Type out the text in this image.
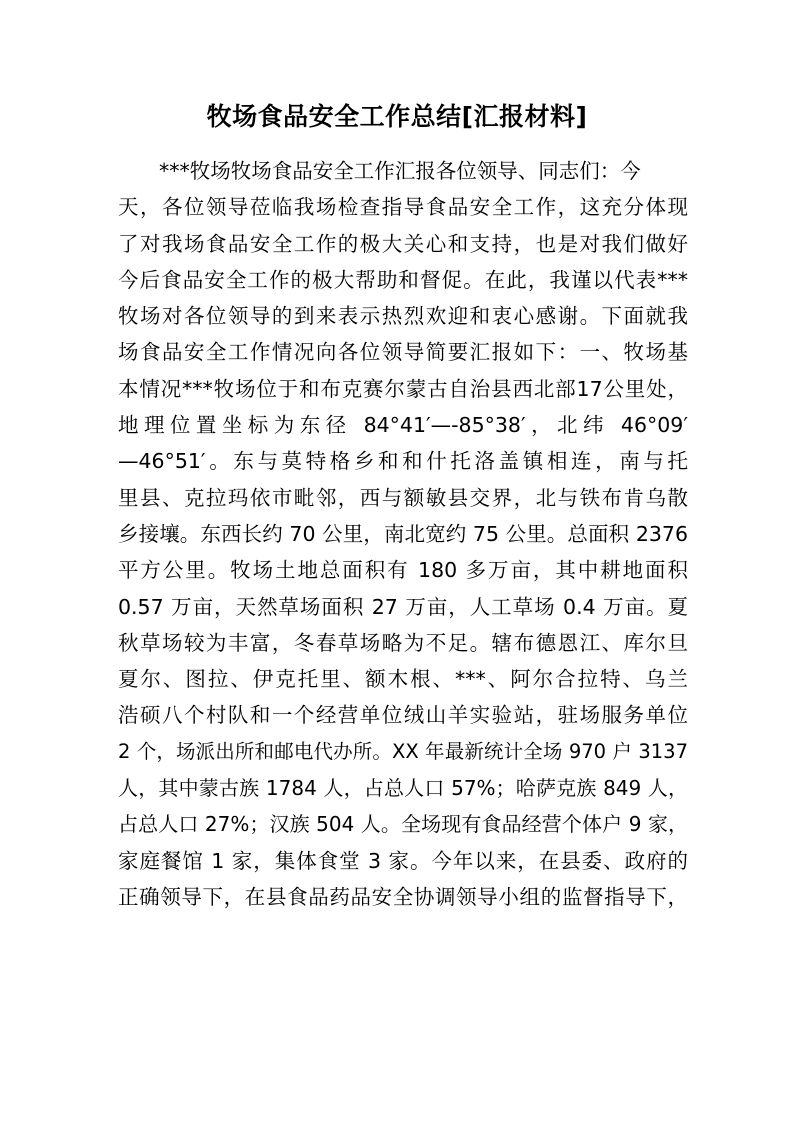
牧场食品安全工作总结[汇报材料]
***牧场牧场食品安全工作汇报各位领导、同志们：今
天，各位领导莅临我场检查指导食品安全工作，这充分体现
了对我场食品安全工作的极大关心和支持，也是对我们做好
今后食品安全工作的极大帮助和督促。在此，我谨以代表***
牧场对各位领导的到来表示热烈欢迎和衷心感谢。下面就我
场食品安全工作情况向各位领导简要汇报如下：一、牧场基
本情况***牧场位于和布克赛尔蒙古自治县西北部17公里处，
地理位置坐标为东径 84°41′—-85°38′，北纬 46°09′
—46°51′。东与莫特格乡和和什托洛盖镇相连，南与托
里县、克拉玛依市毗邻，西与额敏县交界，北与铁布肯乌散
乡接壤。东西长约 70 公里，南北宽约 75 公里。总面积 2376
平方公里。牧场土地总面积有 180 多万亩，其中耕地面积
0.57 万亩，天然草场面积 27 万亩，人工草场 0.4 万亩。夏
秋草场较为丰富，冬春草场略为不足。辖布德恩江、库尔旦
夏尔、图拉、伊克托里、额木根、***、阿尔合拉特、乌兰
浩硕八个村队和一个经营单位绒山羊实验站，驻场服务单位
2 个，场派出所和邮电代办所。XX 年最新统计全场 970 户 3137
人，其中蒙古族 1784 人，占总人口 57%；哈萨克族 849 人，
占总人口 27%；汉族 504 人。全场现有食品经营个体户 9 家，
家庭餐馆 1 家，集体食堂 3 家。今年以来，在县委、政府的
正确领导下，在县食品药品安全协调领导小组的监督指导下，
